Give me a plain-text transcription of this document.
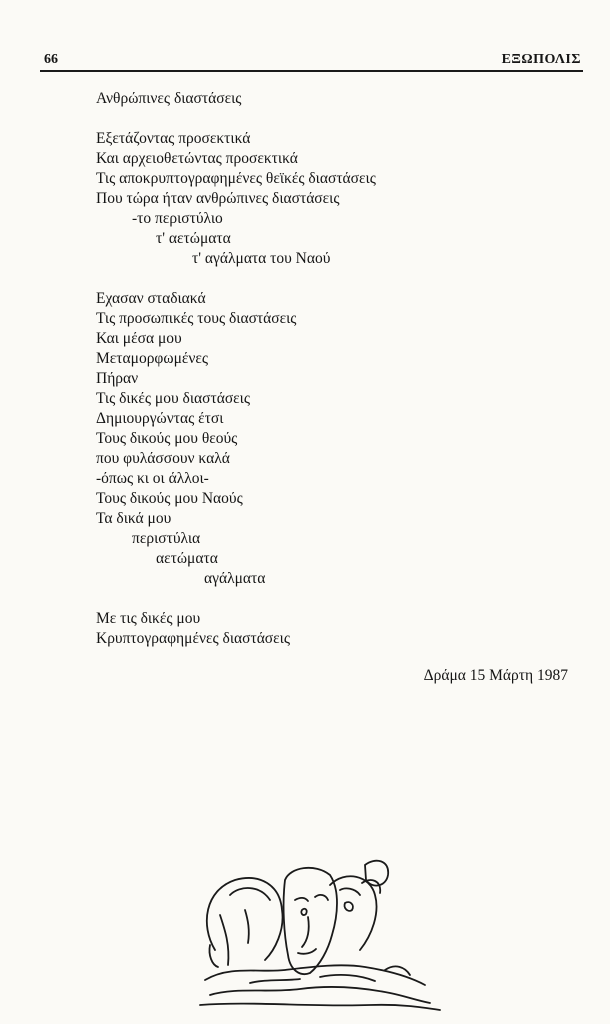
66	ΕΞΩΠΟΛΙΣ
Ανθρώπινες διαστάσεις
Εξετάζοντας προσεκτικά
Και αρχειοθετώντας προσεκτικά
Τις αποκρυπτογραφημένες θεϊκές διαστάσεις
Που τώρα ήταν ανθρώπινες διαστάσεις
-το περιστύλιο
τ' αετώματα
τ' αγάλματα του Ναού
Εχασαν σταδιακά
Τις προσωπικές τους διαστάσεις
Και μέσα μου
Μεταμορφωμένες
Πήραν
Τις δικές μου διαστάσεις
Δημιουργώντας έτσι
Τους δικούς μου θεούς
που φυλάσσουν καλά
-όπως κι οι άλλοι-
Τους δικούς μου Ναούς
Τα δικά μου
περιστύλια
αετώματα
αγάλματα
Με τις δικές μου
Κρυπτογραφημένες διαστάσεις
Δράμα 15 Μάρτη 1987
